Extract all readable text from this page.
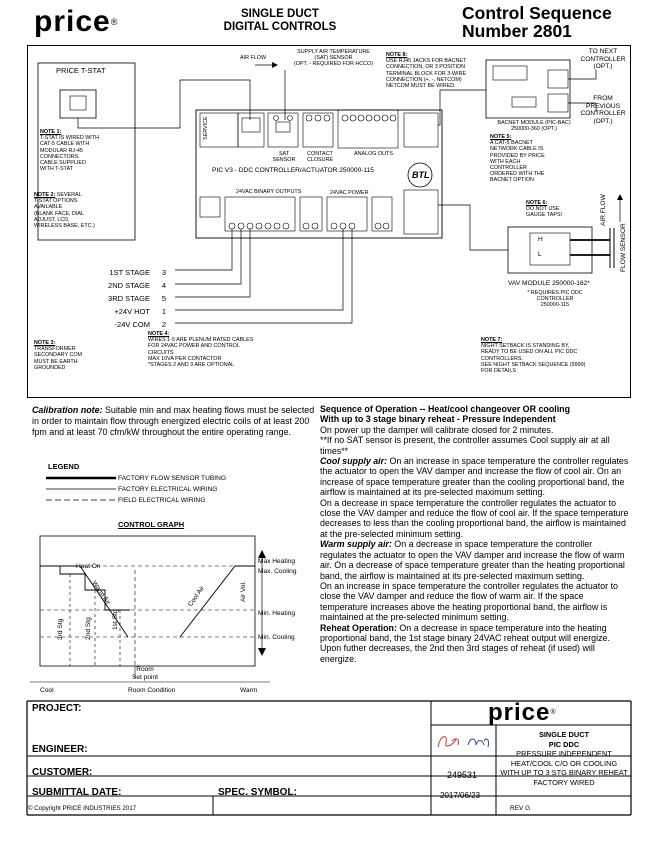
price®
SINGLE DUCT
DIGITAL CONTROLS
Control Sequence
Number 2801
PRICE T-STAT
NOTE 1:
T-STAT IS WIRED WITH
CAT-5 CABLE WITH
MODULAR RJ-45
CONNECTORS.
CABLE SUPPLIED
WITH T-STAT
NOTE 2: SEVERAL
T-STAT OPTIONS
AVAILABLE
(BLANK FACE, DIAL
ADJUST, LCD,
WIRELESS BASE, ETC.)
NOTE 3:
TRANSFORMER
SECONDARY COM
MUST BE EARTH
GROUNDED
NOTE 4:
WIRES 1-5 ARE PLENUM RATED CABLES
FOR 24VAC POWER AND CONTROL
CIRCUITS
MAX 10VA PER CONTACTOR
*STAGES 2 AND 3 ARE OPTIONAL
NOTE 5:
A CAT-5 BACNET
NETWORK CABLE IS
PROVIDED BY PRICE
WITH EACH
CONTROLLER
ORDERED WITH THE
BACNET OPTION
NOTE 6:
DO NOT USE
GAUGE TAPS!
NOTE 7:
NIGHT SETBACK IS STANDING BY,
READY TO BE USED ON ALL PIC DDC
CONTROLLERS.
SEE NIGHT SETBACK SEQUENCE (9999)
FOR DETAILS
NOTE 8:
USE RJ45 JACKS FOR BACNET
CONNECTION, OR 3 POSITION
TERMINAL BLOCK FOR 3-WIRE
CONNECTION (+, -, NETCOM)
NETCOM MUST BE WIRED.
AIR FLOW
SUPPLY AIR TEMPERATURE
(SAT) SENSOR
(OPT. - REQUIRED FOR HCCO)
TO NEXT
CONTROLLER
(OPT.)
FROM
PREVIOUS
CONTROLLER
(OPT.)
BACNET MODULE (PIC-BAC)
250000-360 (OPT.)
PIC V3 - DDC CONTROLLER/ACTUATOR 250000-115
24VAC BINARY OUTPUTS	24VAC POWER
ANALOG OUTS
CONTACT CLOSURE
SAT SENSOR
SERVICE
BTL
VAV MODULE 250000-162*
* REQUIRES PIC DDC
CONTROLLER
250000-115
AIR FLOW
FLOW SENSOR
H
L
1ST STAGE	3
2ND STAGE	4
3RD STAGE	5
+24V HOT	1
-24V COM	2
Calibration note: Suitable min and max heating flows must be selected in order to maintain flow through energized electric coils of at least 200 fpm and at least 70 cfm/kW throughout the entire operating range.
LEGEND
FACTORY FLOW SENSOR TUBING
FACTORY ELECTRICAL WIRING
FIELD ELECTRICAL WIRING
CONTROL GRAPH
Max Heating
Max. Cooling
Min. Heating
Min. Cooling
Air Vol.
Heat On
Warm Air	Cool Air
3rd Stg	2nd Stg	1st Stg
Room
Set point
Cool	Room Condition	Warm

Sequence of Operation -- Heat/cool changeover OR cooling

With up to 3 stage binary reheat - Pressure Independent

On power up the damper will calibrate closed for 2 minutes.

**If no SAT sensor is present, the controller assumes Cool supply air at all times**

Cool supply air: On an increase in space temperature the controller regulates the actuator to open the VAV damper and increase the flow of cool air. On an increase of space temperature greater than the cooling proportional band, the airflow is maintained at its pre-selected maximum setting.

On a decrease in space temperature the controller regulates the actuator to close the VAV damper and reduce the flow of cool air. If the space temperature decreases to less than the cooling proportional band, the airflow is maintained at the pre-selected minimum setting.

Warm supply air: On a decrease in space temperature the controller regulates the actuator to open the VAV damper and increase the flow of warm air. On a decrease of space temperature greater than the heating proportional band, the airflow is maintained at its pre-selected maximum setting.

On an increase in space temperature the controller regulates the actuator to close the VAV damper and reduce the flow of warm air. If the space temperature increases above the heating proportional band, the airflow is maintained at the pre-selected minimum setting.

Reheat Operation: On a decrease in space temperature into the heating proportional band, the 1st stage binary 24VAC reheat output will energize. Upon futher decreases, the 2nd then 3rd stages of reheat (if used) will energize.

PROJECT:
ENGINEER:
CUSTOMER:
SUBMITTAL DATE:	SPEC. SYMBOL:
price®
249531
2017/06/23
SINGLE DUCT
PIC DDC
PRESSURE INDEPENDENT
HEAT/COOL C/O OR COOLING
WITH UP TO 3 STG BINARY REHEAT
FACTORY WIRED
© Copyright PRICE INDUSTRIES 2017	REV G
